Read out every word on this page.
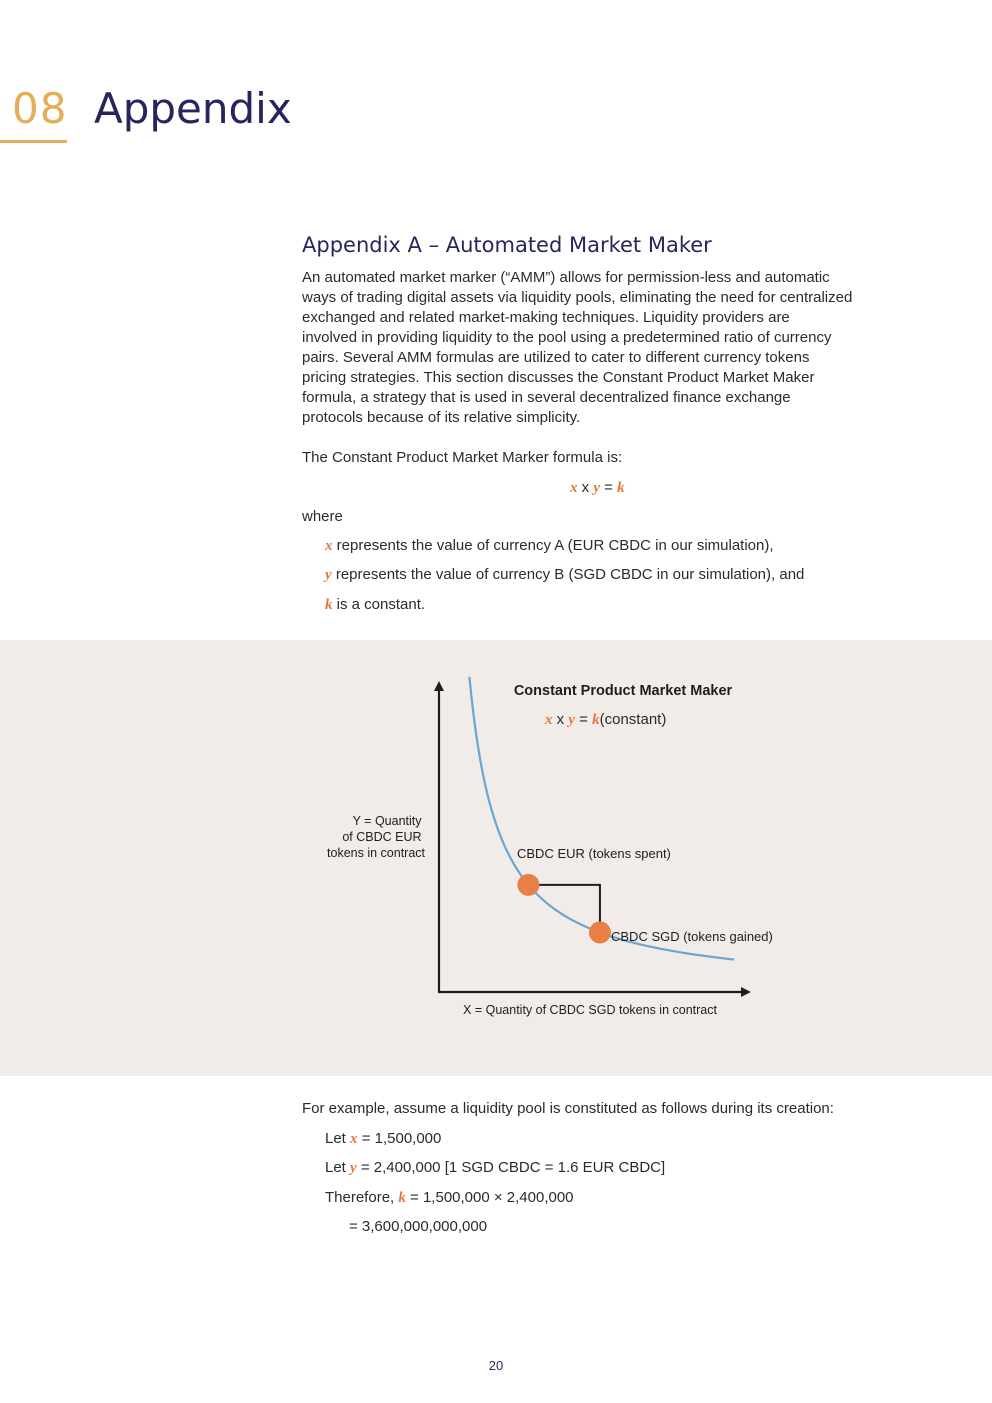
08 Appendix
Appendix A – Automated Market Maker
An automated market marker (“AMM”) allows for permission-less and automatic
ways of trading digital assets via liquidity pools, eliminating the need for centralized
exchanged and related market-making techniques. Liquidity providers are
involved in providing liquidity to the pool using a predetermined ratio of currency
pairs. Several AMM formulas are utilized to cater to different currency tokens
pricing strategies. This section discusses the Constant Product Market Maker
formula, a strategy that is used in several decentralized finance exchange
protocols because of its relative simplicity.
The Constant Product Market Marker formula is:
x x y = k
where
x represents the value of currency A (EUR CBDC in our simulation),
y represents the value of currency B (SGD CBDC in our simulation), and
k is a constant.
Constant Product Market Maker
x x y = k(constant)
Y = Quantity of CBDC EUR tokens in contract	CBDC EUR (tokens spent)
CBDC SGD (tokens gained)
X = Quantity of CBDC SGD tokens in contract
For example, assume a liquidity pool is constituted as follows during its creation:
Let x = 1,500,000
Let y = 2,400,000 [1 SGD CBDC = 1.6 EUR CBDC]
Therefore, k = 1,500,000 × 2,400,000
= 3,600,000,000,000
20
